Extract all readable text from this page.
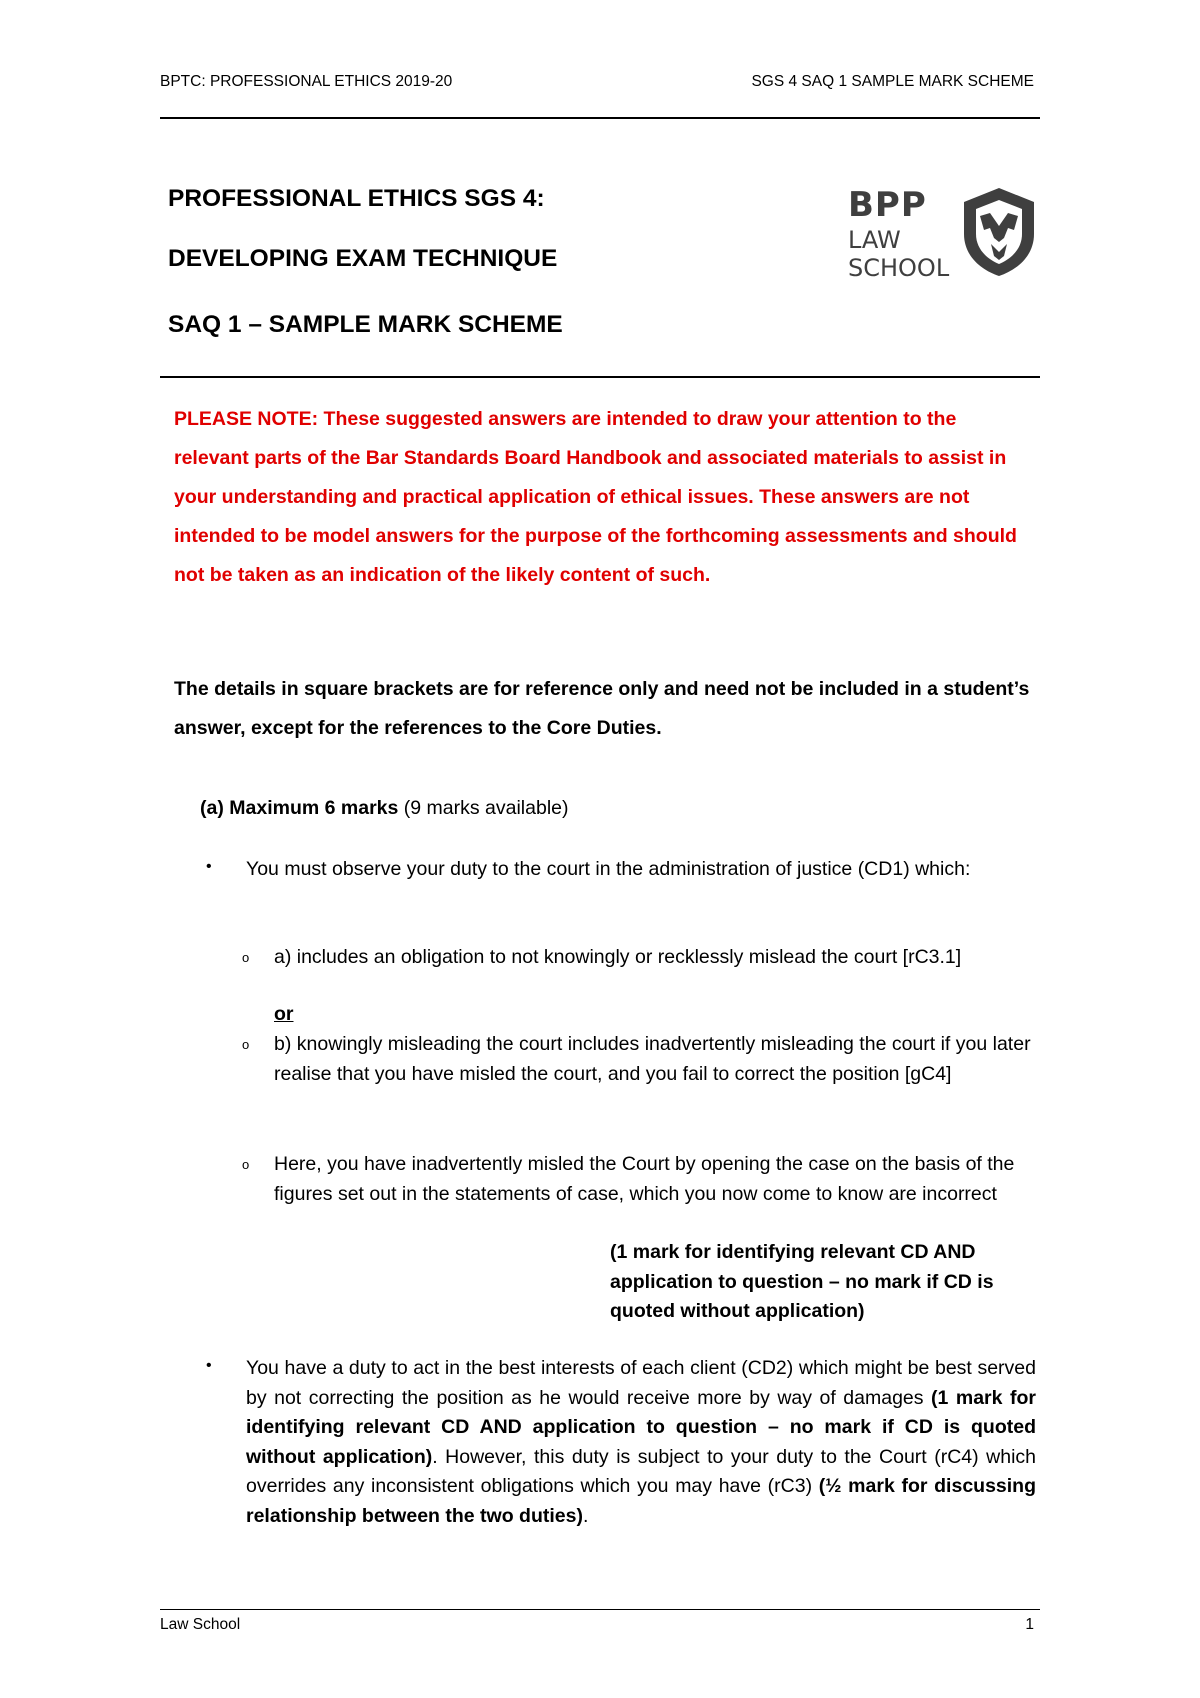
BPTC: PROFESSIONAL ETHICS 2019-20	SGS 4 SAQ 1 SAMPLE MARK SCHEME
PROFESSIONAL ETHICS SGS 4:
DEVELOPING EXAM TECHNIQUE
SAQ 1 – SAMPLE MARK SCHEME
BPP
LAW
SCHOOL
PLEASE NOTE: These suggested answers are intended to draw your attention to the relevant parts of the Bar Standards Board Handbook and associated materials to assist in your understanding and practical application of ethical issues. These answers are not intended to be model answers for the purpose of the forthcoming assessments and should not be taken as an indication of the likely content of such.
The details in square brackets are for reference only and need not be included in a student’s answer, except for the references to the Core Duties.
(a) Maximum 6 marks (9 marks available)
• You must observe your duty to the court in the administration of justice (CD1) which:
o a) includes an obligation to not knowingly or recklessly mislead the court [rC3.1]
or
o b) knowingly misleading the court includes inadvertently misleading the court if you later realise that you have misled the court, and you fail to correct the position [gC4]
o Here, you have inadvertently misled the Court by opening the case on the basis of the figures set out in the statements of case, which you now come to know are incorrect
(1 mark for identifying relevant CD AND application to question – no mark if CD is quoted without application)
• You have a duty to act in the best interests of each client (CD2) which might be best served by not correcting the position as he would receive more by way of damages (1 mark for identifying relevant CD AND application to question – no mark if CD is quoted without application). However, this duty is subject to your duty to the Court (rC4) which overrides any inconsistent obligations which you may have (rC3) (½ mark for discussing relationship between the two duties).
Law School	1
